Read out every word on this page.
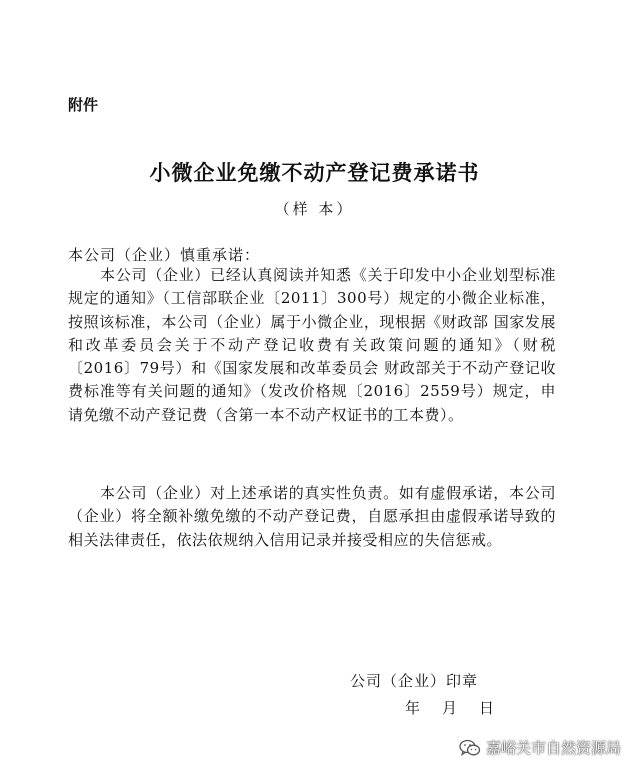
附件
小微企业免缴不动产登记费承诺书
（样 本）
本公司（企业）慎重承诺：

本公司（企业）已经认真阅读并知悉《关于印发中小企业划型标准规定的通知》（工信部联企业〔2011〕300号）规定的小微企业标准，按照该标准，本公司（企业）属于小微企业，现根据《财政部 国家发展和改革委员会关于不动产登记收费有关政策问题的通知》（财税〔2016〕79号）和《国家发展和改革委员会 财政部关于不动产登记收费标准等有关问题的通知》（发改价格规〔2016〕2559号）规定，申请免缴不动产登记费（含第一本不动产权证书的工本费）。

本公司（企业）对上述承诺的真实性负责。如有虚假承诺，本公司（企业）将全额补缴免缴的不动产登记费，自愿承担由虚假承诺导致的相关法律责任，依法依规纳入信用记录并接受相应的失信惩戒。

公司（企业）印章
年 月 日
嘉峪关市自然资源局
